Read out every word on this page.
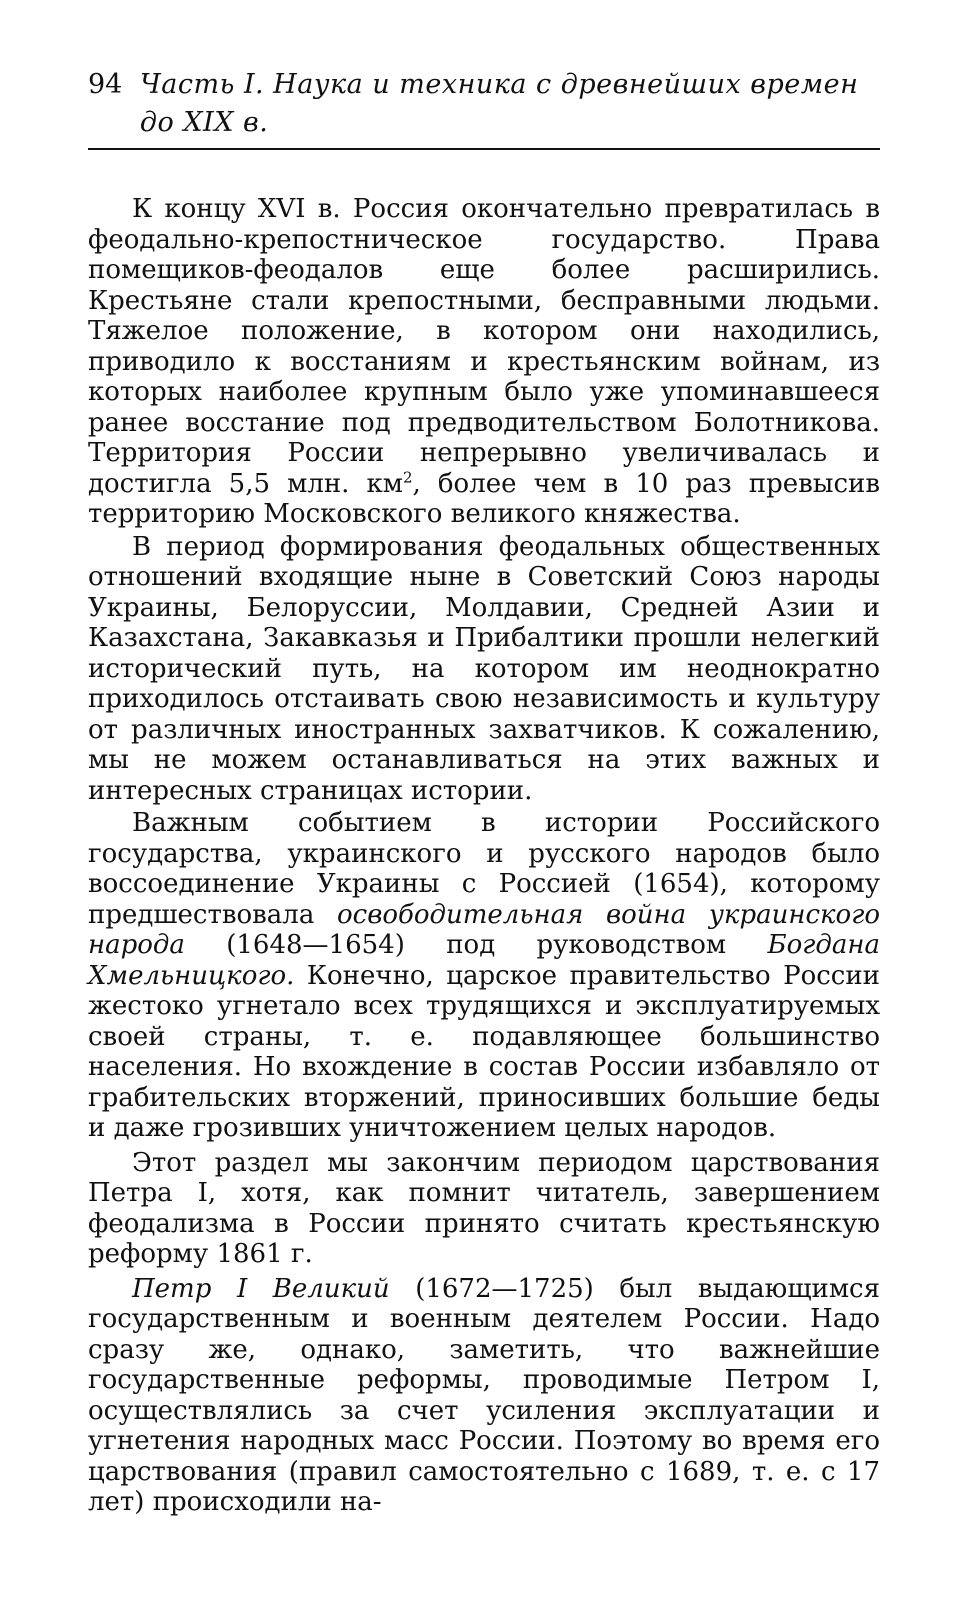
94 Часть I. Наука и техника с древнейших времен до XIX в.

К концу XVI в. Россия окончательно превратилась в феодально-крепостническое государство. Права помещиков-феодалов еще более расширились. Крестьяне стали крепостными, бесправными людьми. Тяжелое положение, в котором они находились, приводило к восстаниям и крестьянским войнам, из которых наиболее крупным было уже упоминавшееся ранее восстание под предводительством Болотникова. Территория России непрерывно увеличивалась и достигла 5,5 млн. $км^2$, более чем в 10 раз превысив территорию Московского великого княжества.

В период формирования феодальных общественных отношений входящие ныне в Советский Союз народы Украины, Белоруссии, Молдавии, Средней Азии и Казахстана, Закавказья и Прибалтики прошли нелегкий исторический путь, на котором им неоднократно приходилось отстаивать свою независимость и культуру от различных иностранных захватчиков. К сожалению, мы не можем останавливаться на этих важных и интересных страницах истории.

Важным событием в истории Российского государства, украинского и русского народов было воссоединение Украины с Россией (1654), которому предшествовала освободительная война украинского народа (1648—1654) под руководством Богдана Хмельницкого. Конечно, царское правительство России жестоко угнетало всех трудящихся и эксплуатируемых своей страны, т. е. подавляющее большинство населения. Но вхождение в состав России избавляло от грабительских вторжений, приносивших большие беды и даже грозивших уничтожением целых народов.

Этот раздел мы закончим периодом царствования Петра I, хотя, как помнит читатель, завершением феодализма в России принято считать крестьянскую реформу 1861 г.

Петр I Великий (1672—1725) был выдающимся государственным и военным деятелем России. Надо сразу же, однако, заметить, что важнейшие государственные реформы, проводимые Петром I, осуществлялись за счет усиления эксплуатации и угнетения народных масс России. Поэтому во время его царствования (правил самостоятельно с 1689, т. е. с 17 лет) происходили на-
